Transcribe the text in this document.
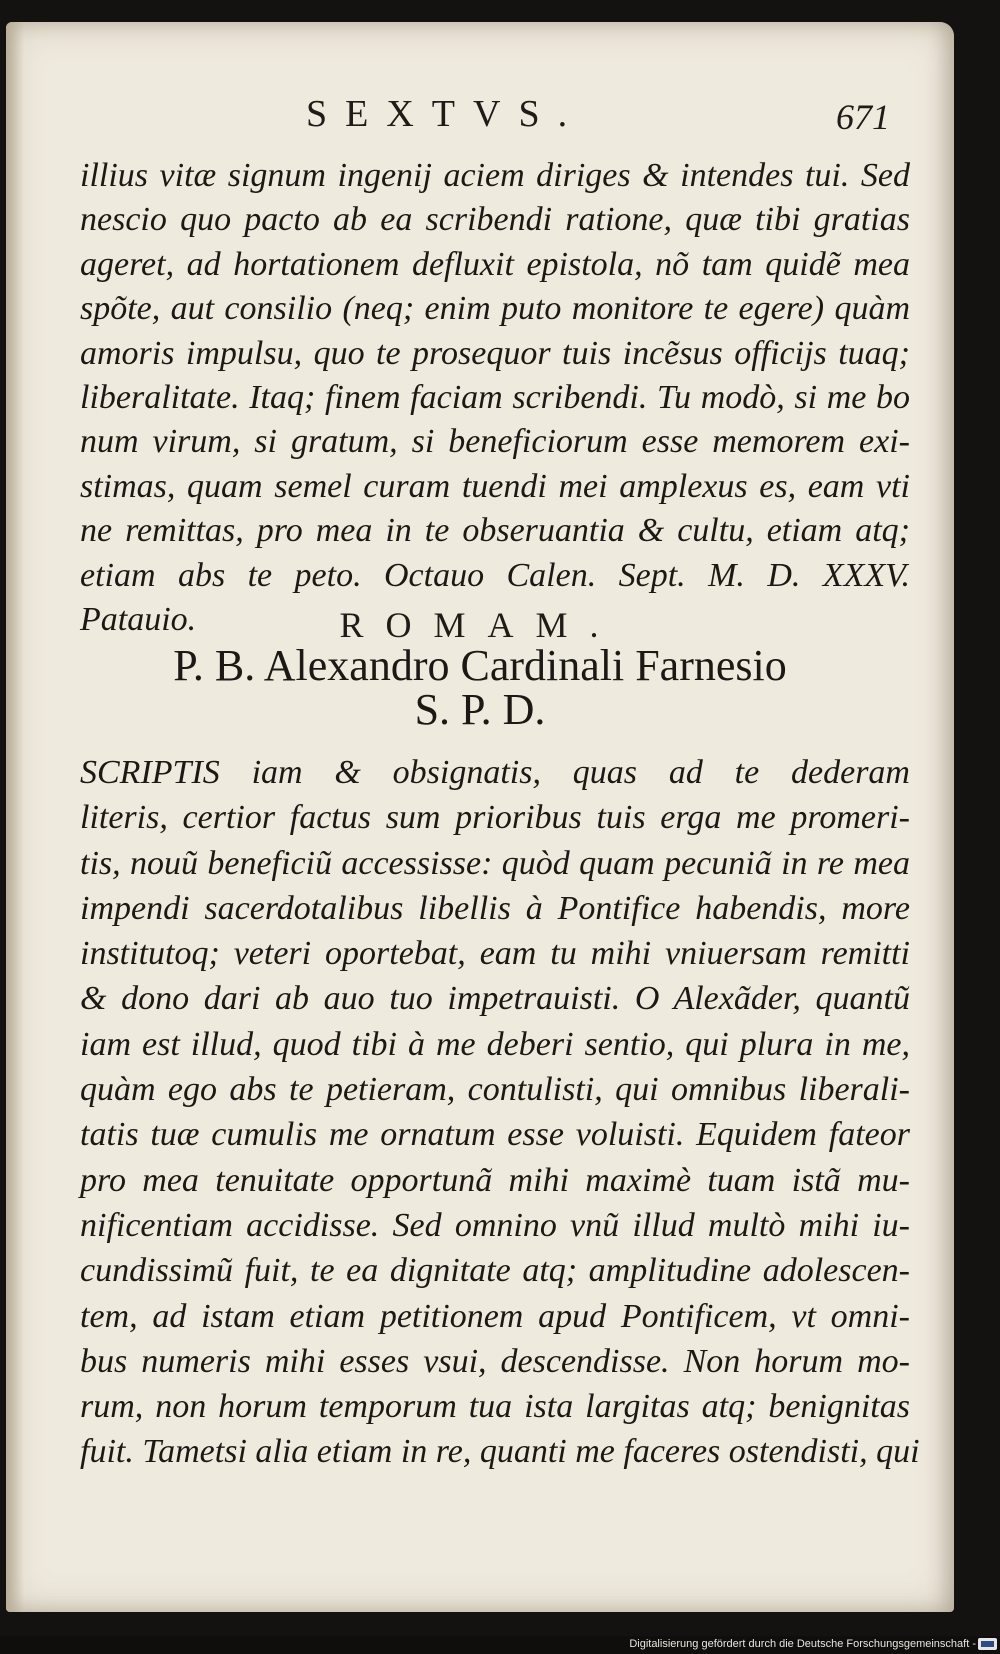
SEXTVS.	671
illius vitæ signum ingenij aciem diriges & intendes tui. Sed
nescio quo pacto ab ea scribendi ratione, quæ tibi gratias
ageret, ad hortationem defluxit epistola, nõ tam quidẽ mea
spõte, aut consilio (neq; enim puto monitore te egere) quàm
amoris impulsu, quo te prosequor tuis incẽsus officijs tuaq;
liberalitate. Itaq; finem faciam scribendi. Tu modò, si me bo
num virum, si gratum, si beneficiorum esse memorem exi-
stimas, quam semel curam tuendi mei amplexus es, eam vti
ne remittas, pro mea in te obseruantia & cultu, etiam atq;
etiam abs te peto. Octauo Calen. Sept. M. D. XXXV.
Patauio.	ROMAM.
P. B. Alexandro Cardinali Farnesio
S. P. D.
SCRIPTIS iam & obsignatis, quas ad te dederam
literis, certior factus sum prioribus tuis erga me promeri-
tis, nouũ beneficiũ accessisse: quòd quam pecuniã in re mea
impendi sacerdotalibus libellis à Pontifice habendis, more
institutoq; veteri oportebat, eam tu mihi vniuersam remitti
& dono dari ab auo tuo impetrauisti. O Alexãder, quantũ
iam est illud, quod tibi à me deberi sentio, qui plura in me,
quàm ego abs te petieram, contulisti, qui omnibus liberali-
tatis tuæ cumulis me ornatum esse voluisti. Equidem fateor
pro mea tenuitate opportunã mihi maximè tuam istã mu-
nificentiam accidisse. Sed omnino vnũ illud multò mihi iu-
cundissimũ fuit, te ea dignitate atq; amplitudine adolescen-
tem, ad istam etiam petitionem apud Pontificem, vt omni-
bus numeris mihi esses vsui, descendisse. Non horum mo-
rum, non horum temporum tua ista largitas atq; benignitas
fuit. Tametsi alia etiam in re, quanti me faceres ostendisti, qui
Digitalisierung gefördert durch die Deutsche Forschungsgemeinschaft -
